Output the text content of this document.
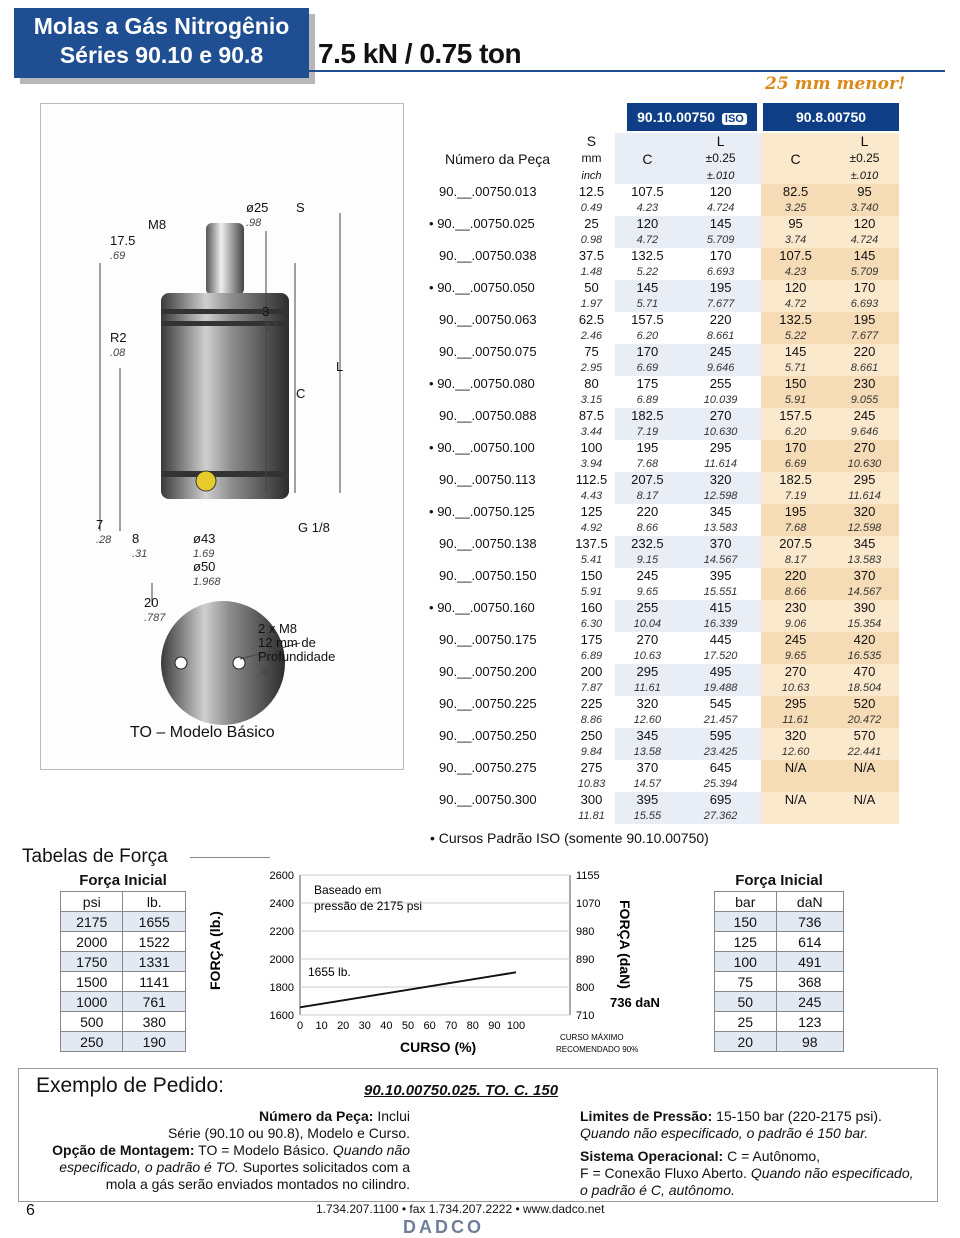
Molas a Gás Nitrogênio
Séries 90.10 e 90.8	7.5 kN / 0.75 ton
17.5
.69
M8
R2
.08
ø25
.98
S
3
.12
C
L
7
.28 8
.31
ø43
1.69
ø50
1.968
G 1/8
20
.787
2 x M8
12 mm de
Profundidade
.47
TO – Modelo Básico
25 mm menor!
90.10.00750 ISO	90.8.00750
Número da Peça	S
mm
inch	C	L
±0.25
±.010	C	L
±0.25
±.010
90.__.00750.013	12.5	107.5	120	82.5	95
	0.49	4.23	4.724	3.25	3.740
• 90.__.00750.025	25	120	145	95	120
	0.98	4.72	5.709	3.74	4.724
90.__.00750.038	37.5	132.5	170	107.5	145
	1.48	5.22	6.693	4.23	5.709
• 90.__.00750.050	50	145	195	120	170
	1.97	5.71	7.677	4.72	6.693
90.__.00750.063	62.5	157.5	220	132.5	195
	2.46	6.20	8.661	5.22	7.677
90.__.00750.075	75	170	245	145	220
	2.95	6.69	9.646	5.71	8.661
• 90.__.00750.080	80	175	255	150	230
	3.15	6.89	10.039	5.91	9.055
90.__.00750.088	87.5	182.5	270	157.5	245
	3.44	7.19	10.630	6.20	9.646
• 90.__.00750.100	100	195	295	170	270
	3.94	7.68	11.614	6.69	10.630
90.__.00750.113	112.5	207.5	320	182.5	295
	4.43	8.17	12.598	7.19	11.614
• 90.__.00750.125	125	220	345	195	320
	4.92	8.66	13.583	7.68	12.598
90.__.00750.138	137.5	232.5	370	207.5	345
	5.41	9.15	14.567	8.17	13.583
90.__.00750.150	150	245	395	220	370
	5.91	9.65	15.551	8.66	14.567
• 90.__.00750.160	160	255	415	230	390
	6.30	10.04	16.339	9.06	15.354
90.__.00750.175	175	270	445	245	420
	6.89	10.63	17.520	9.65	16.535
90.__.00750.200	200	295	495	270	470
	7.87	11.61	19.488	10.63	18.504
90.__.00750.225	225	320	545	295	520
	8.86	12.60	21.457	11.61	20.472
90.__.00750.250	250	345	595	320	570
	9.84	13.58	23.425	12.60	22.441
90.__.00750.275	275	370	645	N/A	N/A
	10.83	14.57	25.394		
90.__.00750.300	300	395	695	N/A	N/A
	11.81	15.55	27.362		
• Cursos Padrão ISO (somente 90.10.00750)
Tabelas de Força
Força Inicial	
psi	lb.
2175	1655
2000	1522
1750	1331
1500	1141
1000	761
500	380
250	190
Força Inicial	
bar	daN
150	736
125	614
100	491
75	368
50	245
25	123
20	98
2600
2400
2200
2000
1800
1600
1155
1070
980
890
800
710
0 10 20 30 40 50 60 70 80 90 100
FORÇA (lb.)	FORÇA (daN)
CURSO (%)
Baseado em
pressão de 2175 psi
1655 lb.
736 daN
CURSO MÁXIMO
RECOMENDADO 90%
Exemplo de Pedido:	90.10.00750.025. TO. C. 150
Número da Peça: Inclui
Série (90.10 ou 90.8), Modelo e Curso.
Opção de Montagem: TO = Modelo Básico. Quando não especificado, o padrão é TO. Suportes solicitados com a mola a gás serão enviados montados no cilindro.
Limites de Pressão: 15-150 bar (220-2175 psi). Quando não especificado, o padrão é 150 bar.

Sistema Operacional: C = Autônomo,
F = Conexão Fluxo Aberto. Quando não especificado, o padrão é C, autônomo.
6	1.734.207.1100 • fax 1.734.207.2222 • www.dadco.net
DADCO
